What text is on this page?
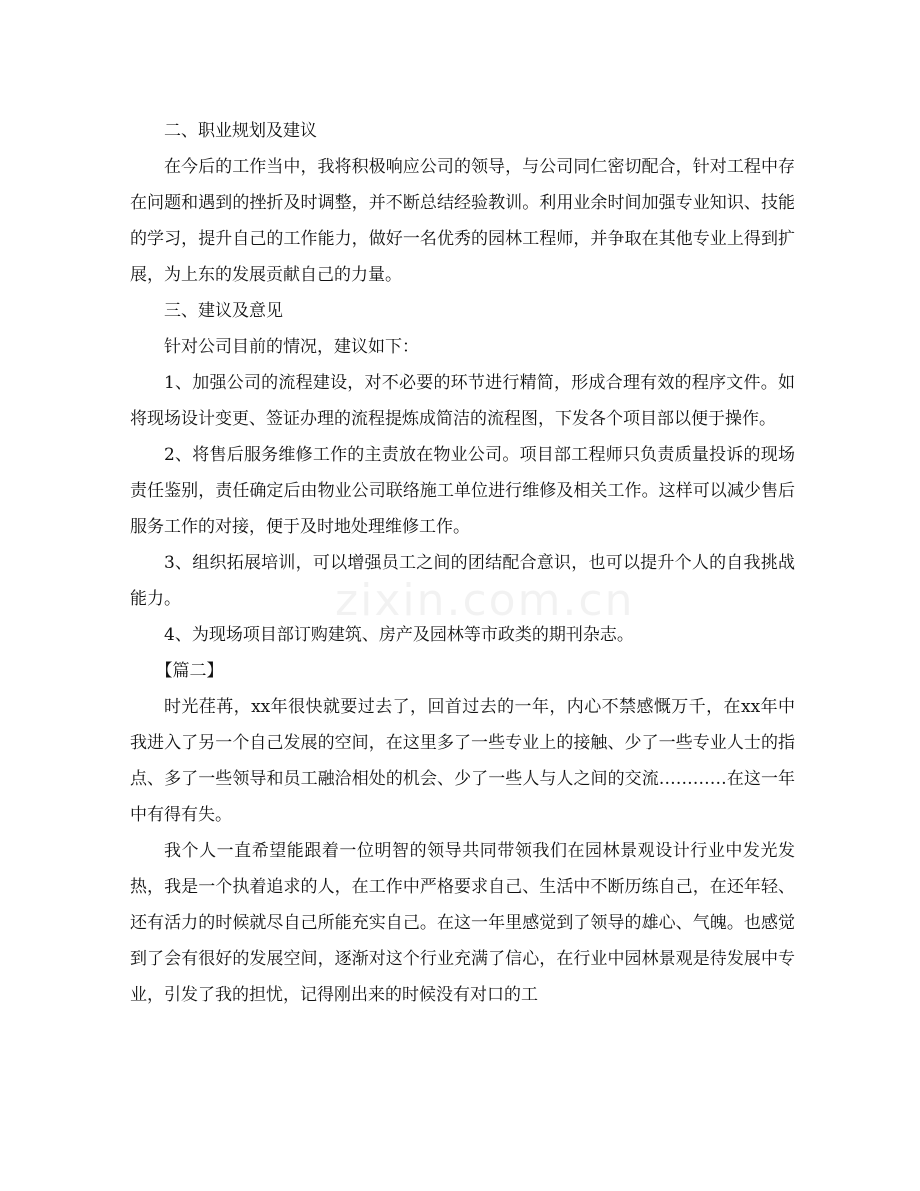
zixin.com.cn

二、职业规划及建议

在今后的工作当中，我将积极响应公司的领导，与公司同仁密切配合，针对工程中存在问题和遇到的挫折及时调整，并不断总结经验教训。利用业余时间加强专业知识、技能的学习，提升自己的工作能力，做好一名优秀的园林工程师，并争取在其他专业上得到扩展，为上东的发展贡献自己的力量。

三、建议及意见

针对公司目前的情况，建议如下：

1、加强公司的流程建设，对不必要的环节进行精简，形成合理有效的程序文件。如将现场设计变更、签证办理的流程提炼成简洁的流程图，下发各个项目部以便于操作。

2、将售后服务维修工作的主责放在物业公司。项目部工程师只负责质量投诉的现场责任鉴别，责任确定后由物业公司联络施工单位进行维修及相关工作。这样可以减少售后服务工作的对接，便于及时地处理维修工作。

3、组织拓展培训，可以增强员工之间的团结配合意识，也可以提升个人的自我挑战能力。

4、为现场项目部订购建筑、房产及园林等市政类的期刊杂志。

【篇二】

时光荏苒，xx年很快就要过去了，回首过去的一年，内心不禁感慨万千，在xx年中我进入了另一个自己发展的空间，在这里多了一些专业上的接触、少了一些专业人士的指点、多了一些领导和员工融洽相处的机会、少了一些人与人之间的交流…………在这一年中有得有失。

我个人一直希望能跟着一位明智的领导共同带领我们在园林景观设计行业中发光发热，我是一个执着追求的人，在工作中严格要求自己、生活中不断历练自己，在还年轻、还有活力的时候就尽自己所能充实自己。在这一年里感觉到了领导的雄心、气魄。也感觉到了会有很好的发展空间，逐渐对这个行业充满了信心，在行业中园林景观是待发展中专业，引发了我的担忧，记得刚出来的时候没有对口的工
